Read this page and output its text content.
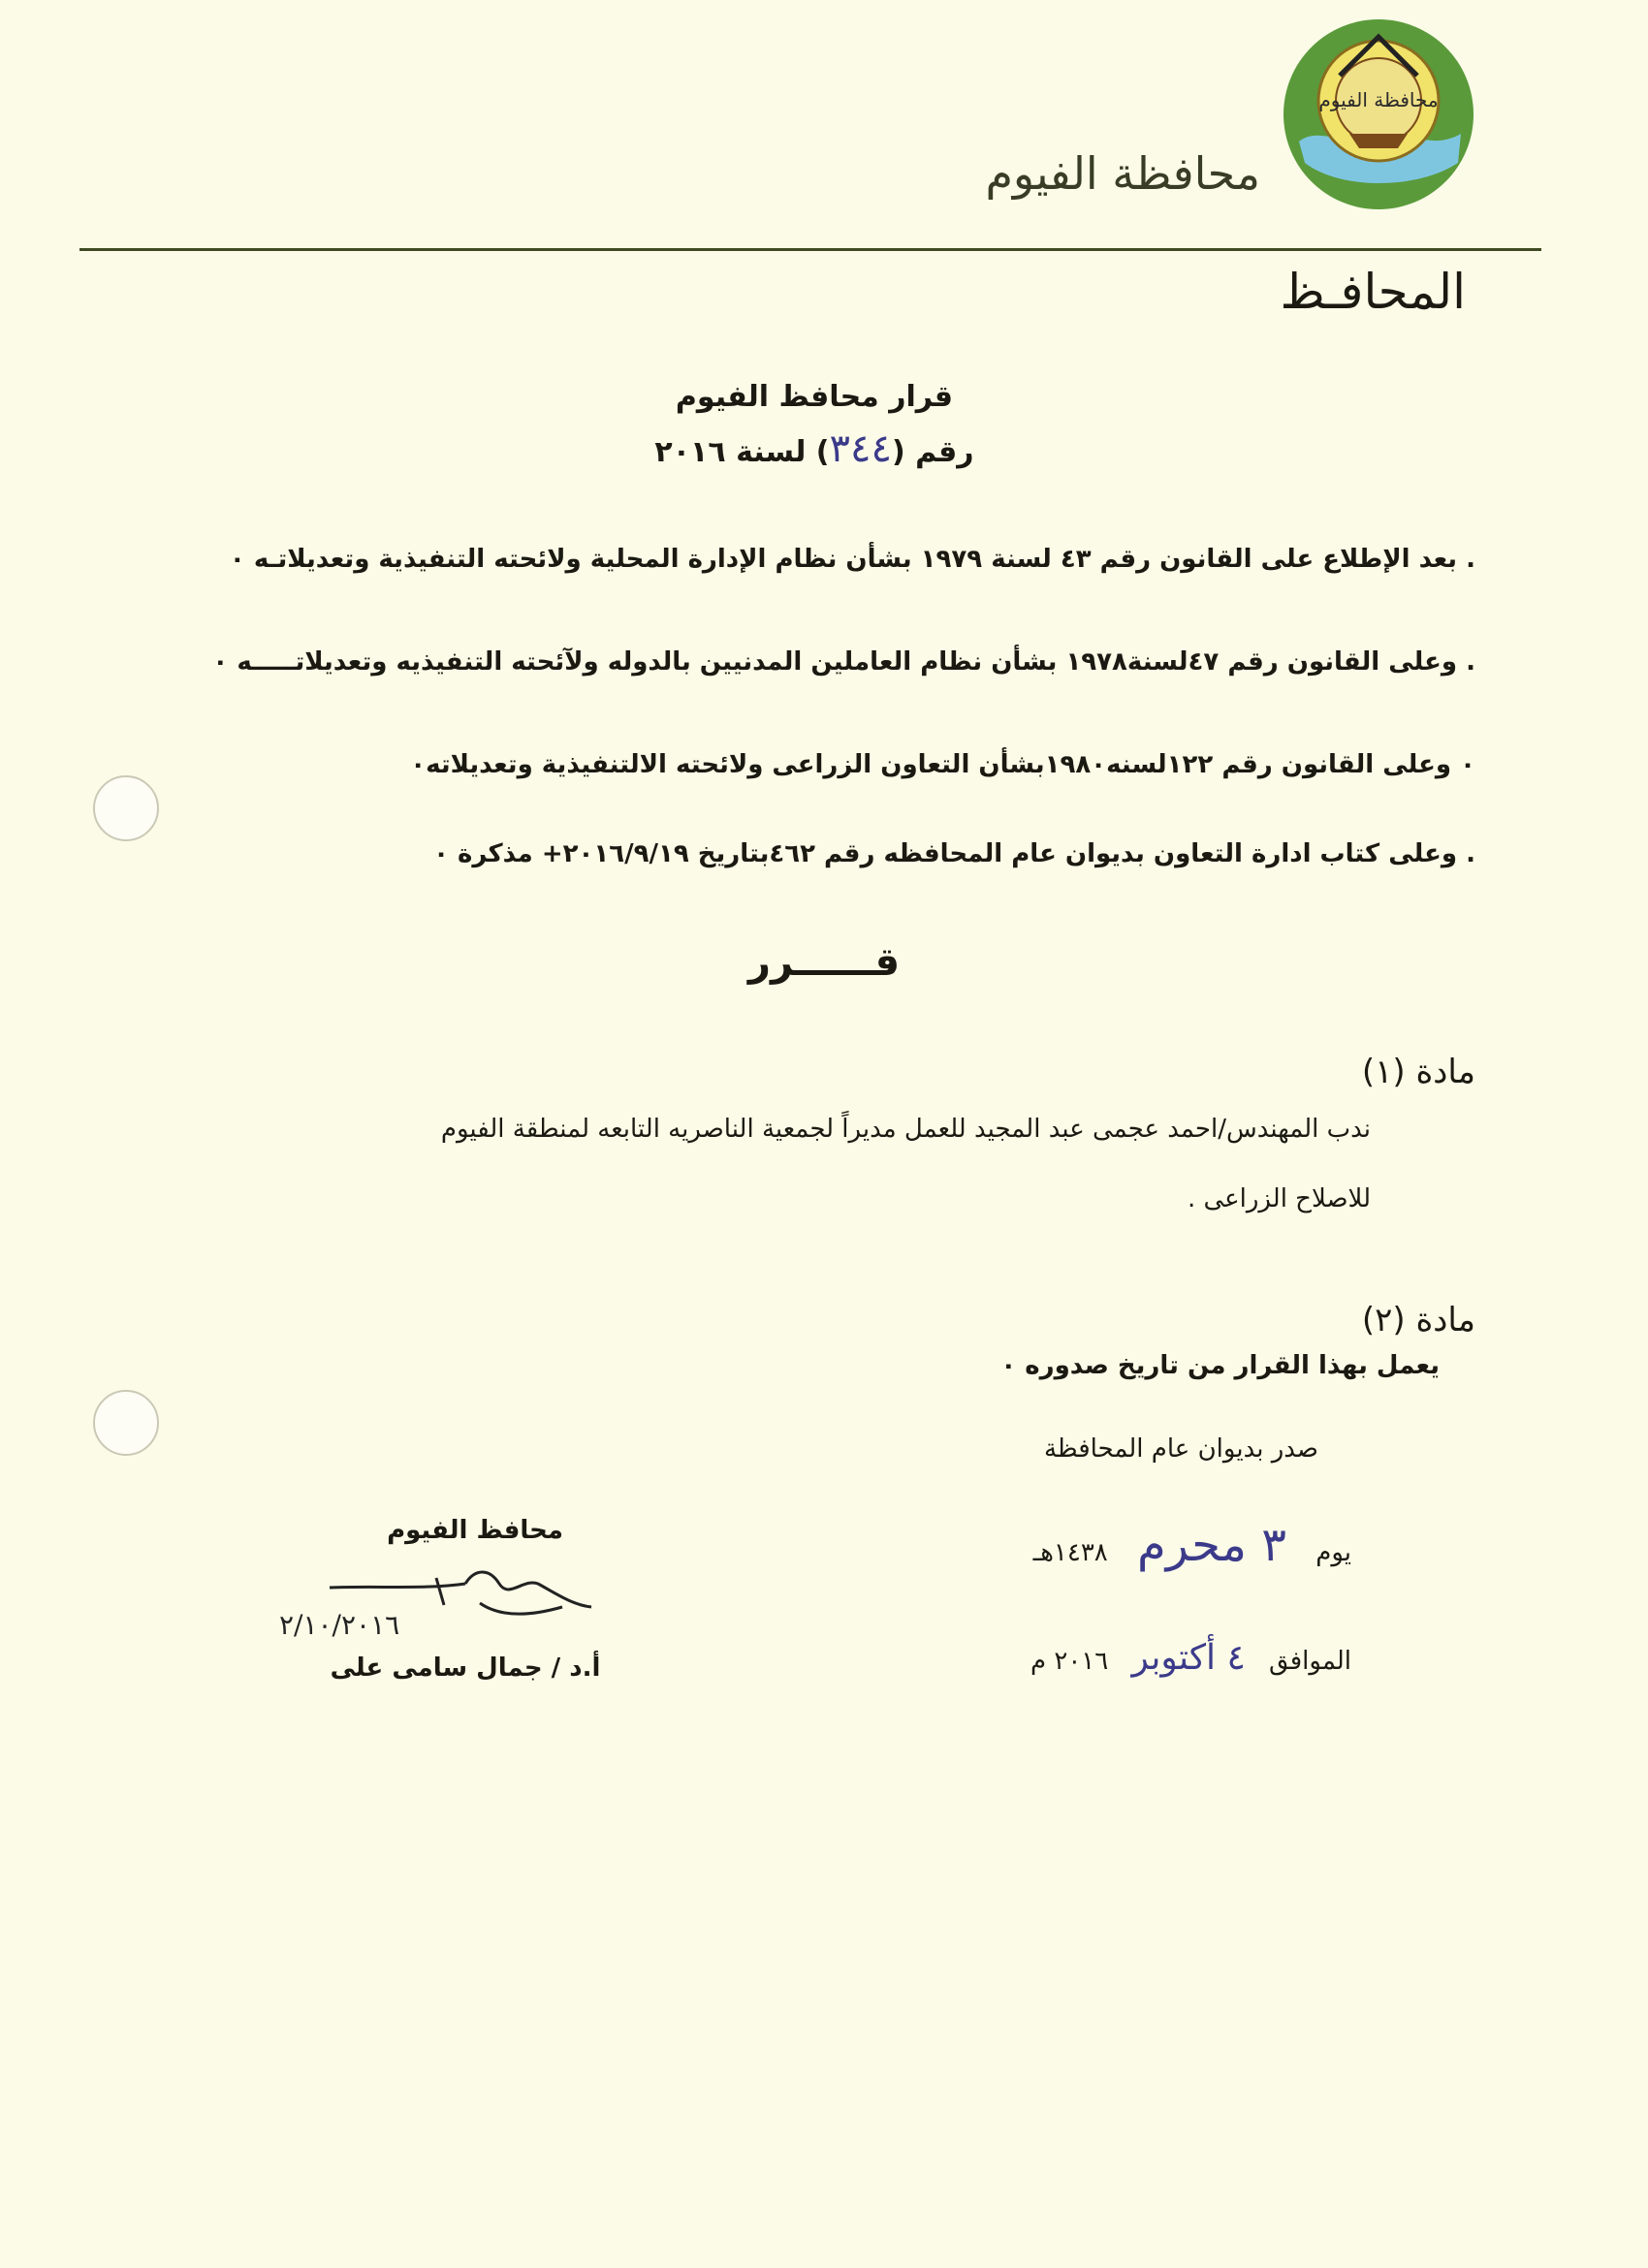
محافظة الفيوم
محافظة الفيوم
المحافـظ
قرار محافظ الفيوم
رقم (٣٤٤) لسنة ٢٠١٦
. بعد الإطلاع على القانون رقم ٤٣ لسنة ١٩٧٩ بشأن نظام الإدارة المحلية ولائحته التنفيذية وتعديلاتـه ٠
. وعلى القانون رقم ٤٧لسنة١٩٧٨ بشأن نظام العاملين المدنيين بالدوله ولآئحته التنفيذيه وتعديلاتـــــه ٠
٠ وعلى القانون رقم ١٢٢لسنه١٩٨٠بشأن التعاون الزراعى ولائحته الالتنفيذية وتعديلاته٠
. وعلى كتاب ادارة التعاون بديوان عام المحافظه رقم ٤٦٢بتاريخ ٢٠١٦/٩/١٩+ مذكرة ٠
قــــــرر
مادة (١)
ندب المهندس/احمد عجمى عبد المجيد للعمل مديراً لجمعية الناصريه التابعه لمنطقة الفيوم
للاصلاح الزراعى .
مادة (٢)
يعمل بهذا القرار من تاريخ صدوره ٠
صدر بديوان عام المحافظة
يوم ٣ محرم ١٤٣٨هـ
الموافق ٤ أكتوبر ٢٠١٦ م
محافظ الفيوم
٢/١٠/٢٠١٦
أ.د / جمال سامى على
